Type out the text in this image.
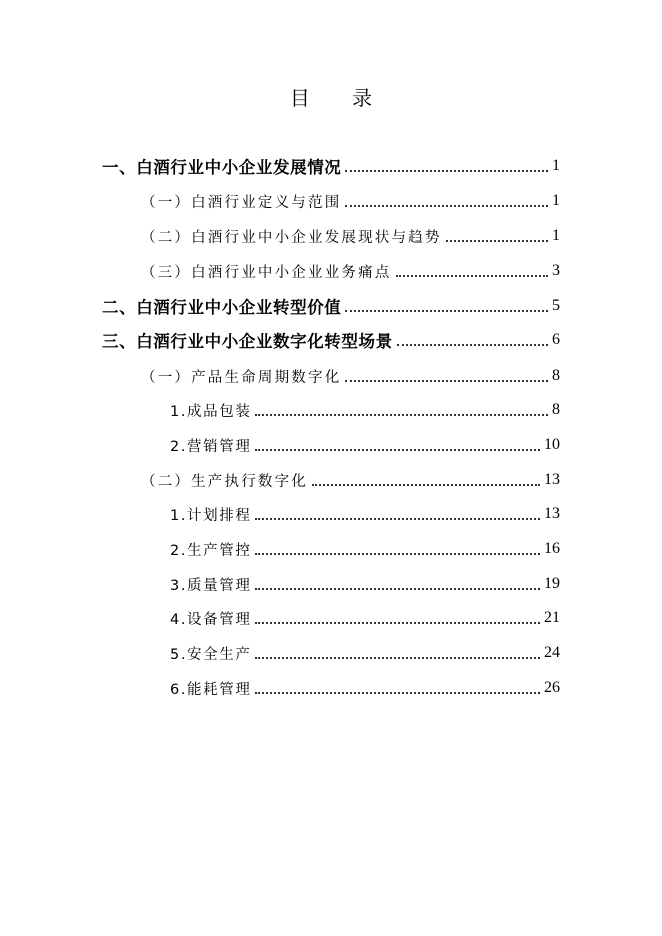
目 录
一、白酒行业中小企业发展情况	1
（一）白酒行业定义与范围	1
（二）白酒行业中小企业发展现状与趋势	1
（三）白酒行业中小企业业务痛点	3
二、白酒行业中小企业转型价值	5
三、白酒行业中小企业数字化转型场景	6
（一）产品生命周期数字化	8
1.成品包装	8
2.营销管理	10
（二）生产执行数字化	13
1.计划排程	13
2.生产管控	16
3.质量管理	19
4.设备管理	21
5.安全生产	24
6.能耗管理	26
